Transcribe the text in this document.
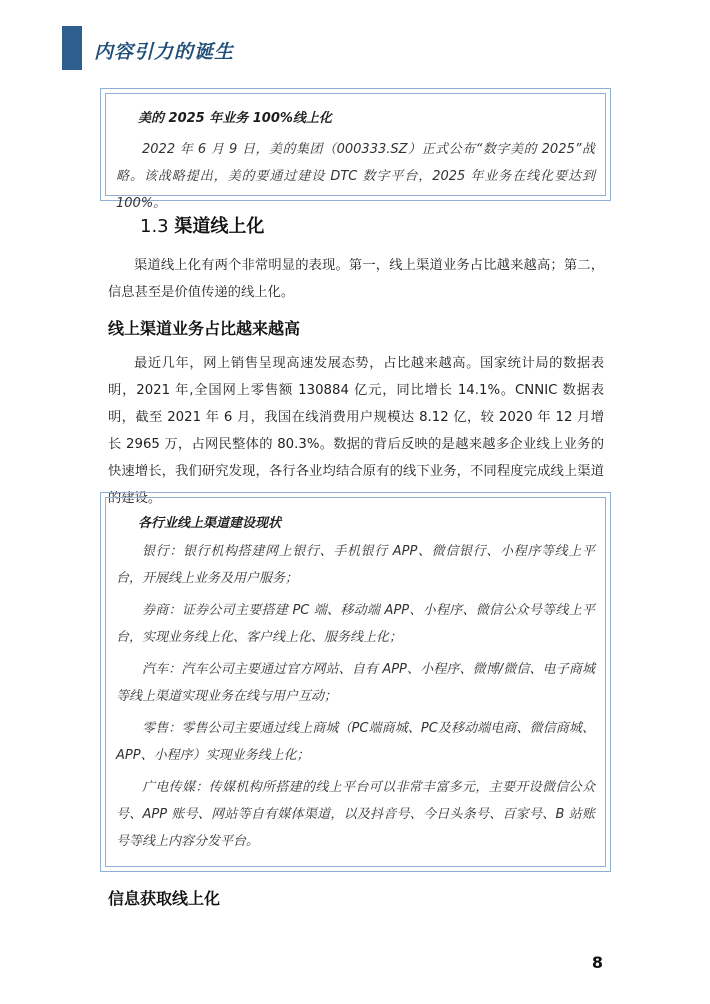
内容引力的诞生
美的 2025 年业务 100%线上化

2022 年 6 月 9 日，美的集团（000333.SZ）正式公布“数字美的 2025”战略。该战略提出，美的要通过建设 DTC 数字平台，2025 年业务在线化要达到 100%。

1.3 渠道线上化

渠道线上化有两个非常明显的表现。第一，线上渠道业务占比越来越高；第二，信息甚至是价值传递的线上化。

线上渠道业务占比越来越高

最近几年，网上销售呈现高速发展态势，占比越来越高。国家统计局的数据表明，2021 年,全国网上零售额 130884 亿元，同比增长 14.1%。CNNIC 数据表明，截至 2021 年 6 月，我国在线消费用户规模达 8.12 亿，较 2020 年 12 月增长 2965 万，占网民整体的 80.3%。数据的背后反映的是越来越多企业线上业务的快速增长，我们研究发现，各行各业均结合原有的线下业务，不同程度完成线上渠道的建设。

各行业线上渠道建设现状

银行：银行机构搭建网上银行、手机银行 APP、微信银行、小程序等线上平台，开展线上业务及用户服务；

券商：证券公司主要搭建 PC 端、移动端 APP、小程序、微信公众号等线上平台，实现业务线上化、客户线上化、服务线上化；

汽车：汽车公司主要通过官方网站、自有 APP、小程序、微博/微信、电子商城等线上渠道实现业务在线与用户互动；

零售：零售公司主要通过线上商城（PC端商城、PC及移动端电商、微信商城、APP、小程序）实现业务线上化；

广电传媒：传媒机构所搭建的线上平台可以非常丰富多元，主要开设微信公众号、APP 账号、网站等自有媒体渠道，以及抖音号、今日头条号、百家号、B 站账号等线上内容分发平台。

信息获取线上化
8
